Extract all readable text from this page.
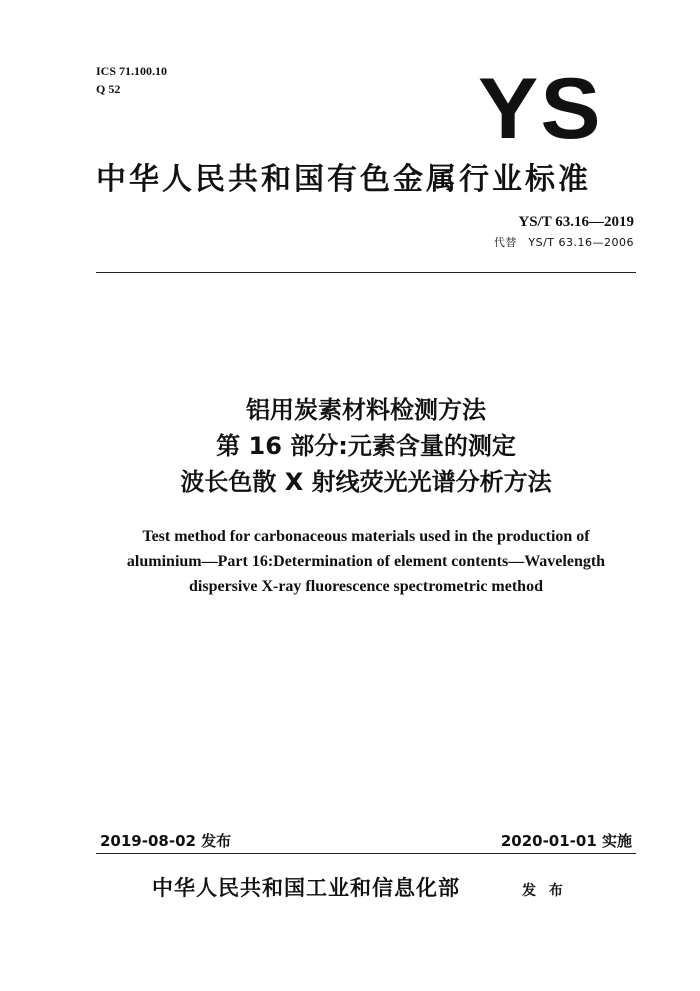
ICS 71.100.10
Q 52	YS
中华人民共和国有色金属行业标准
YS/T 63.16—2019
代替　YS/T 63.16—2006
铝用炭素材料检测方法
第 16 部分:元素含量的测定
波长色散 X 射线荧光光谱分析方法
Test method for carbonaceous materials used in the production of
aluminium—Part 16:Determination of element contents—Wavelength
dispersive X-ray fluorescence spectrometric method
2019-08-02 发布	2020-01-01 实施
中华人民共和国工业和信息化部	发 布
